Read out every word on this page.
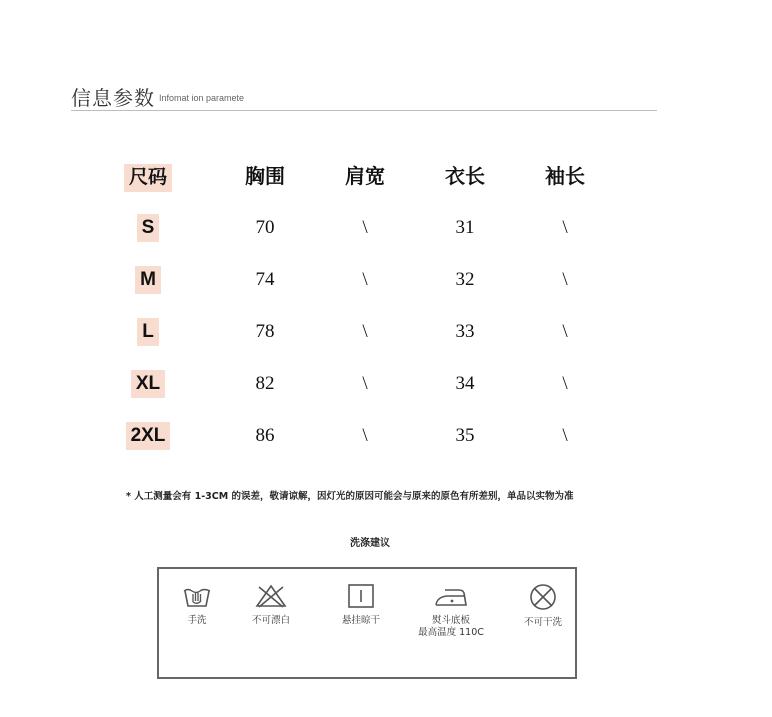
信息参数 Infomat ion paramete
尺码	胸围	肩宽	衣长	袖长
S	70	\	31	\
M	74	\	32	\
L	78	\	33	\
XL	82	\	34	\
2XL	86	\	35	\
* 人工测量会有 1-3CM 的误差，敬请谅解，因灯光的原因可能会与原来的原色有所差别，单品以实物为准
洗涤建议
手洗	不可漂白	悬挂晾干	熨斗底板
最高温度 110C
不可干洗
